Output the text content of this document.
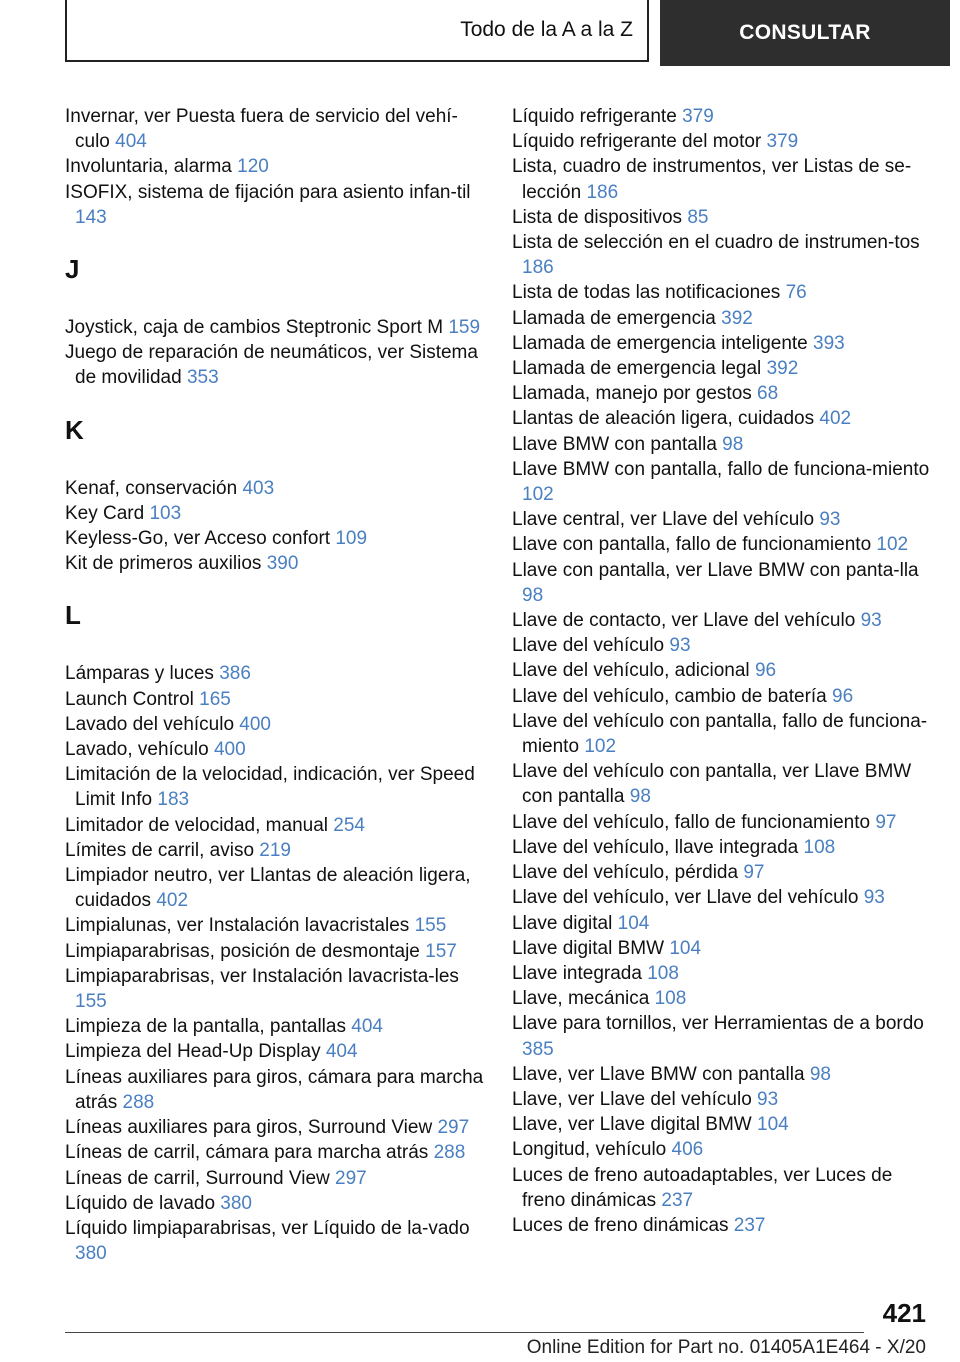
Todo de la A a la Z	CONSULTAR
Invernar, ver Puesta fuera de servicio del vehí‐culo 404
Involuntaria, alarma 120
ISOFIX, sistema de fijación para asiento infan‐til 143
J
Joystick, caja de cambios Steptronic Sport M 159
Juego de reparación de neumáticos, ver Sistema de movilidad 353
K
Kenaf, conservación 403
Key Card 103
Keyless-Go, ver Acceso confort 109
Kit de primeros auxilios 390
L
Lámparas y luces 386
Launch Control 165
Lavado del vehículo 400
Lavado, vehículo 400
Limitación de la velocidad, indicación, ver Speed Limit Info 183
Limitador de velocidad, manual 254
Límites de carril, aviso 219
Limpiador neutro, ver Llantas de aleación ligera, cuidados 402
Limpialunas, ver Instalación lavacristales 155
Limpiaparabrisas, posición de desmontaje 157
Limpiaparabrisas, ver Instalación lavacrista‐les 155
Limpieza de la pantalla, pantallas 404
Limpieza del Head-Up Display 404
Líneas auxiliares para giros, cámara para marcha atrás 288
Líneas auxiliares para giros, Surround View 297
Líneas de carril, cámara para marcha atrás 288
Líneas de carril, Surround View 297
Líquido de lavado 380
Líquido limpiaparabrisas, ver Líquido de la‐vado 380
Líquido refrigerante 379
Líquido refrigerante del motor 379
Lista, cuadro de instrumentos, ver Listas de se‐lección 186
Lista de dispositivos 85
Lista de selección en el cuadro de instrumen‐tos 186
Lista de todas las notificaciones 76
Llamada de emergencia 392
Llamada de emergencia inteligente 393
Llamada de emergencia legal 392
Llamada, manejo por gestos 68
Llantas de aleación ligera, cuidados 402
Llave BMW con pantalla 98
Llave BMW con pantalla, fallo de funciona‐miento 102
Llave central, ver Llave del vehículo 93
Llave con pantalla, fallo de funcionamiento 102
Llave con pantalla, ver Llave BMW con panta‐lla 98
Llave de contacto, ver Llave del vehículo 93
Llave del vehículo 93
Llave del vehículo, adicional 96
Llave del vehículo, cambio de batería 96
Llave del vehículo con pantalla, fallo de funciona‐miento 102
Llave del vehículo con pantalla, ver Llave BMW con pantalla 98
Llave del vehículo, fallo de funcionamiento 97
Llave del vehículo, llave integrada 108
Llave del vehículo, pérdida 97
Llave del vehículo, ver Llave del vehículo 93
Llave digital 104
Llave digital BMW 104
Llave integrada 108
Llave, mecánica 108
Llave para tornillos, ver Herramientas de a bordo 385
Llave, ver Llave BMW con pantalla 98
Llave, ver Llave del vehículo 93
Llave, ver Llave digital BMW 104
Longitud, vehículo 406
Luces de freno autoadaptables, ver Luces de freno dinámicas 237
Luces de freno dinámicas 237
421
Online Edition for Part no. 01405A1E464 - X/20
